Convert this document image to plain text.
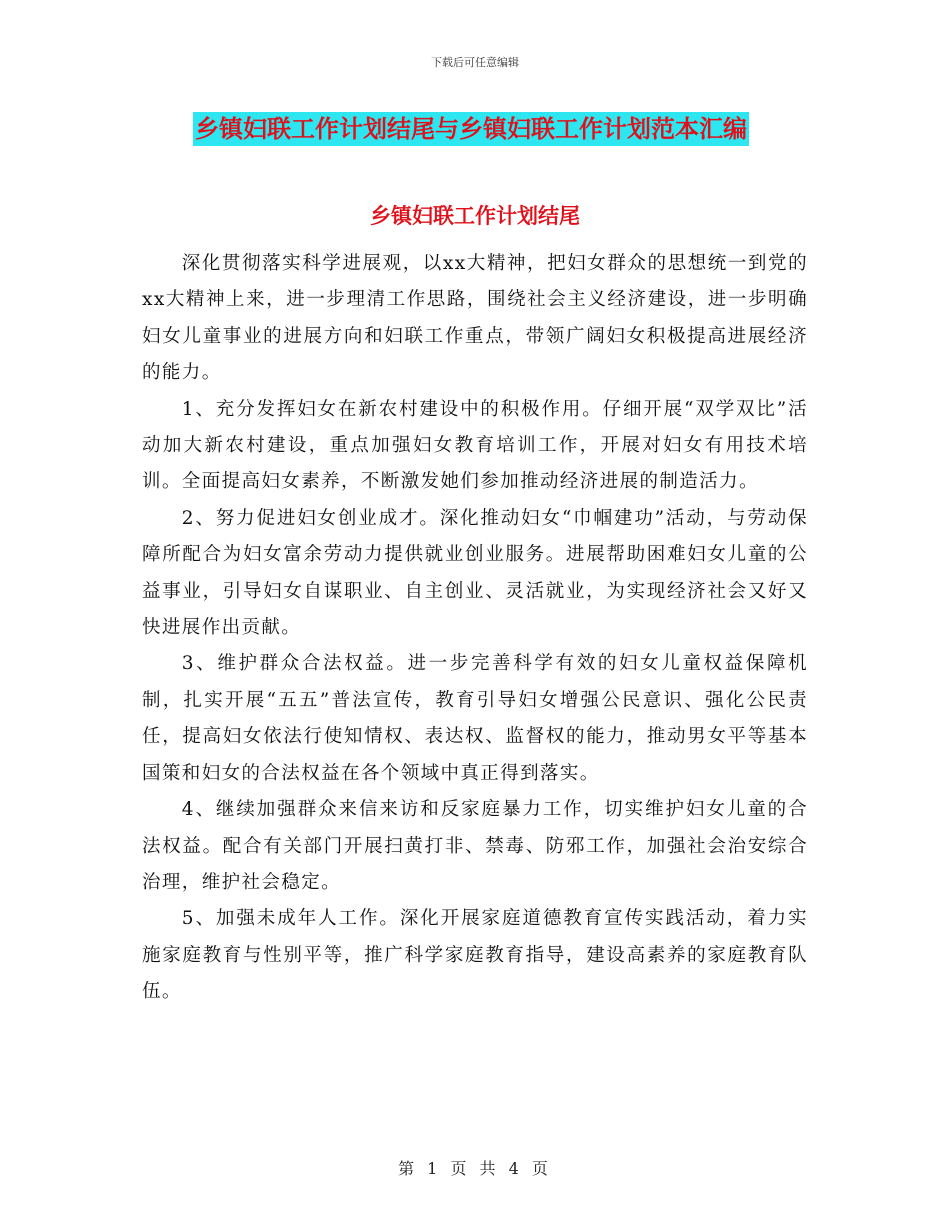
下载后可任意编辑
乡镇妇联工作计划结尾与乡镇妇联工作计划范本汇编
乡镇妇联工作计划结尾

深化贯彻落实科学进展观，以xx大精神，把妇女群众的思想统一到党的xx大精神上来，进一步理清工作思路，围绕社会主义经济建设，进一步明确妇女儿童事业的进展方向和妇联工作重点，带领广阔妇女积极提高进展经济的能力。

1、充分发挥妇女在新农村建设中的积极作用。仔细开展“双学双比”活动加大新农村建设，重点加强妇女教育培训工作，开展对妇女有用技术培训。全面提高妇女素养，不断激发她们参加推动经济进展的制造活力。

2、努力促进妇女创业成才。深化推动妇女“巾帼建功”活动，与劳动保障所配合为妇女富余劳动力提供就业创业服务。进展帮助困难妇女儿童的公益事业，引导妇女自谋职业、自主创业、灵活就业，为实现经济社会又好又快进展作出贡献。

3、维护群众合法权益。进一步完善科学有效的妇女儿童权益保障机制，扎实开展“五五”普法宣传，教育引导妇女增强公民意识、强化公民责任，提高妇女依法行使知情权、表达权、监督权的能力，推动男女平等基本国策和妇女的合法权益在各个领域中真正得到落实。

4、继续加强群众来信来访和反家庭暴力工作，切实维护妇女儿童的合法权益。配合有关部门开展扫黄打非、禁毒、防邪工作，加强社会治安综合治理，维护社会稳定。

5、加强未成年人工作。深化开展家庭道德教育宣传实践活动，着力实施家庭教育与性别平等，推广科学家庭教育指导，建设高素养的家庭教育队伍。

第 1 页 共 4 页
